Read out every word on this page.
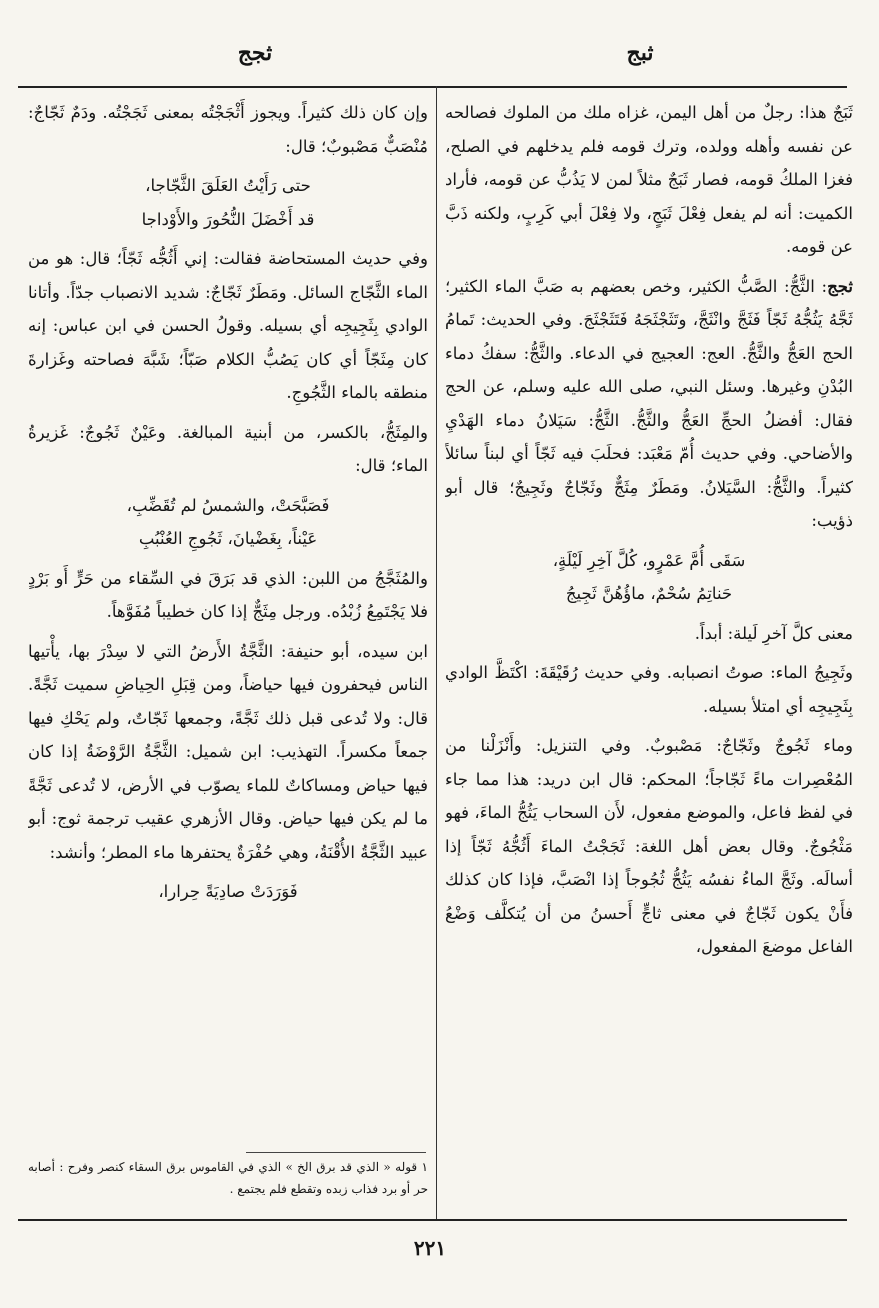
ثبج
ثجج

ثَبَجٌ هذا: رجلٌ من أهل اليمن، غزاه ملك من الملوك فصالحه عن نفسه وأهله وولده، وترك قومه فلم يدخلهم في الصلح، فغزا الملكُ قومه، فصار ثَبَجٌ مثلاً لمن لا يَذُبُّ عن قومه، فأراد الكميت: أنه لم يفعل فِعْلَ ثَبَجٍ، ولا فِعْلَ أبي كَرِبٍ، ولكنه ذَبَّ عن قومه.

ثجج: الثَّجُّ: الصَّبُّ الكثير، وخص بعضهم به صَبَّ الماء الكثير؛ ثَجَّهُ يَثُجُّهُ ثَجّاً فَثَجَّ وانْثَجَّ، وتَثَجْثَجَهُ فَتَثَجْثَجَ. وفي الحديث: تَمامُ الحج العَجُّ والثَّجُّ. العج: العجيج في الدعاء. والثَّجُّ: سفكُ دماء البُدْنِ وغيرها. وسئل النبي، صلى الله عليه وسلم، عن الحج فقال: أفضلُ الحجِّ العَجُّ والثَّجُّ. الثَّجُّ: سَيَلانُ دماء الهَدْيِ والأضاحي. وفي حديث أُمّ مَعْبَد: فحلَبَ فيه ثَجّاً أي لبناً سائلاً كثيراً. والثَّجُّ: السَّيَلانُ. ومَطَرٌ مِثَجٌّ وثَجّاجٌ وثَجِيجٌ؛ قال أبو ذؤيب:

سَقَى أُمَّ عَمْرٍو، كُلَّ آخِرِ لَيْلَةٍ،
حَناتِمُ سُحْمٌ، ماؤُهُنَّ ثَجِيجُ

معنى كلَّ آخرِ لَيلة: أبداً.

وثَجِيجُ الماء: صوتُ انصبابه. وفي حديث رُقَيْقَةَ: اكْتَظَّ الوادي بِثَجِيجِه أي امتلأ بسيله.

وماء ثَجُوجٌ وثَجّاجٌ: مَصْبوبٌ. وفي التنزيل: وأَنْزَلْنا من المُعْصِرات ماءً ثَجّاجاً؛ المحكم: قال ابن دريد: هذا مما جاء في لفظ فاعل، والموضع مفعول، لأَن السحاب يَثُجُّ الماءَ، فهو مَثْجُوجٌ. وقال بعض أهل اللغة: ثَجَجْتُ الماءَ أَثُجُّهُ ثَجّاً إذا أسالَه. وثَجَّ الماءُ نفسُه يَثُجُّ ثُجُوجاً إذا انْصَبَّ، فإذا كان كذلك فأَنْ يكون ثَجّاجٌ في معنى ثاجٍّ أَحسنُ من أن يُتكلَّف وَضْعُ الفاعل موضعَ المفعول،

وإن كان ذلك كثيراً. ويجوز أَثْجَجْتُه بمعنى ثَجَجْتُه. ودَمٌ ثَجّاجٌ: مُنْصَبٌّ مَصْبوبٌ؛ قال:

حتى رَأَيْتُ العَلَقَ الثَّجّاجا،
قد أَخْضَلَ النُّحُورَ والأَوْداجا

وفي حديث المستحاضة فقالت: إني أَثُجُّه ثَجّاً؛ قال: هو من الماء الثَّجّاج السائل. ومَطَرٌ ثَجّاجٌ: شديد الانصباب جدّاً. وأتانا الوادي بِثَجِيجِه أي بسيله. وقولُ الحسن في ابن عباس: إنه كان مِثَجّاً أي كان يَصُبُّ الكلام صَبّاً؛ شَبَّهَ فصاحته وغَزارةَ منطقه بالماء الثَّجُوجِ.

والمِثَجُّ، بالكسر، من أبنية المبالغة. وعَيْنٌ ثَجُوجٌ: غَزيرةُ الماء؛ قال:

فَصَبَّحَتْ، والشمسُ لم تُقَضِّبِ،
عَيْناً، بِغَضْيانَ، ثَجُوجِ العُنْبُبِ

والمُثَجَّجُ من اللبن: الذي قد بَرَقَ في السِّقاء من حَرٍّ أَو بَرْدٍ فلا يَجْتَمِعُ زُبْدُه. ورجل مِثَجٌّ إذا كان خطيباً مُفَوَّهاً.

ابن سيده، أبو حنيفة: الثَّجَّةُ الأَرضُ التي لا سِدْرَ بها، يأْتيها الناس فيحفرون فيها حياضاً، ومن قِبَلِ الحِياضِ سميت ثَجَّةً. قال: ولا تُدعى قبل ذلك ثَجَّةً، وجمعها ثَجّاتٌ، ولم يَحْكِ فيها جمعاً مكسراً. التهذيب: ابن شميل: الثَّجَّةُ الرَّوْضَةُ إذا كان فيها حياض ومساكاتٌ للماء يصوّب في الأرض، لا تُدعى ثَجَّةً ما لم يكن فيها حياض. وقال الأزهري عقيب ترجمة ثوج: أبو عبيد الثَّجَّةُ الأُقْنَةُ، وهي حُفْرَةٌ يحتفرها ماء المطر؛ وأنشد:

فَوَرَدَتْ صادِيَةً حِرارا،
١ قوله « الذي قد برق الخ » الذي في القاموس برق السقاء كنصر وفرح : أصابه حر أو برد فذاب زبده وتقطع فلم يجتمع .
٢٢١
